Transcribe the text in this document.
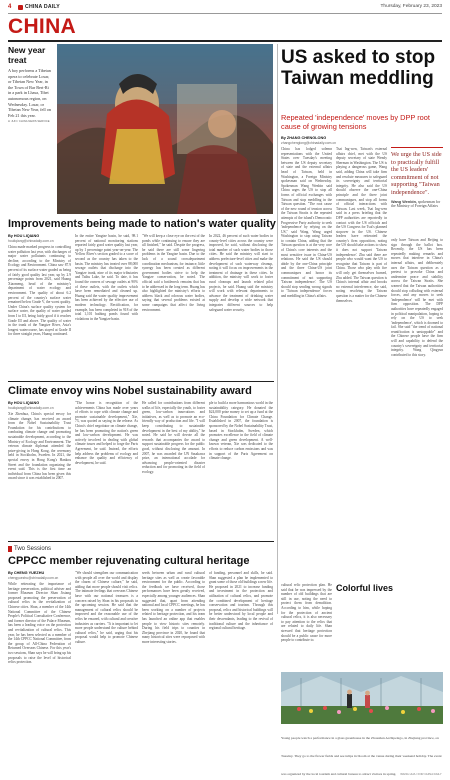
4	CHINA DAILY	Thursday, February 23, 2023
CHINA
New year treat
A boy performs a Tibetan opera to celebrate Losar, or Tibetan New Year, in the Town of Bar Beri-Ri in a park in Lhasa, Tibet autonomous region, on Wednesday. Losar, or Tibetan New Year, fell on Feb 21 this year.
LI JUN / CHINA NEWS SERVICE
US asked to stop Taiwan meddling
Repeated 'independence' moves by DPP root cause of growing tensions
By ZHANG CHENGLONG
zhangchenglong@chinadaily.com.cn
China has lodged solemn representations with the United States over Tuesday's meeting between the US deputy secretary of state and the external affairs head of Taiwan, held in Washington, a Foreign Ministry spokesman said on Wednesday. Spokesman Wang Wenbin said China urges the US to stop all forms of official exchanges with Taiwan and stop meddling in the Taiwan question. "The root cause of the new round of tension across the Taiwan Straits is the repeated attempts of the island's Democratic Progressive Party authority to seek 'independence' by relying on the US," said Wang. Wang urged Washington to stop using Taiwan to contain China, adding that the Taiwan question is at the very core of China's core interests and the most sensitive issue in China-US relations. He said the US should abide by the one-China principle and the three China-US joint communiques and honor its commitment of not supporting 'Taiwan independence'. The US should stop sending wrong signals to 'Taiwan independence' forces and meddling in China's affairs.
Tsai Ing-wen, Taiwan's external affairs chief, met with the US deputy secretary of state Wendy Sherman in Washington. The US is playing a dangerous game, Wang said, adding China will take firm and resolute measures to safeguard its sovereignty and territorial integrity. He also said the US should observe the one-China principle and the three joint communiques, and stop all forms of official interactions with Taiwan. Last week, Tsai Ing-wen said in a press briefing that the DPP authorities are reportedly in contact with the US officials and the US Congress for Tsai's planned stopover in the US. Chinese leaders have reiterated the country's firm opposition, noting the US should take actions to show it does not support 'Taiwan independence'. Zhu said there are people who would want the US to recognize that Taiwan is part of China. Those who play with fire will only get themselves burned, Zhu added. The Taiwan question is China's internal affair and brooks no external interference, she said, noting resolving the Taiwan question is a matter for the Chinese themselves.
We urge the US side to practically fulfill the US leaders' commitment of not supporting "Taiwan independence".
Wang Wenbin, spokesman for the Ministry of Foreign Affairs
only have Taiwan and Beijing to sign through the ballot box. Recently, the US has been repeatedly making remarks and moves that interfere in China's internal affairs, and deliberately uses the Taiwan question as a pretext to provoke China and undermine peace and stability across the Taiwan Straits. She warned that the Taiwan authorities should stop colluding with external forces, and any moves to seek 'independence' will be met with firm opposition. The DPP authorities have repeatedly engaged in political manipulation, hoping to rely on the US to seek 'independence', which is doomed to fail. She said "the trend of national reunification is unstoppable" and the Chinese people have the firm will and capability to defend the country's sovereignty and territorial integrity. Wang Qingyun contributed to this story.
Improvements being made to nation's water quality
By HOU LIQIANG
houliqiang@chinadaily.com.cn
China made marked progress in controlling water pollution last year, with discharges of major water pollutants continuing to decline, according to the Ministry of Ecology and Environment. China saw 87.9 percent of its surface water graded as being of fairly good quality last year, up by 2.9 percentage points from 2021, said Huang Xiaomeng, head of the ministry's department of water ecology and environment. The quality of about 6.2 percent of the country's surface water remained below Grade V, the worst quality. Under China's surface quality system for surface water, the quality of water graded from I to III, being fairly good if it reaches Grade III and above. The quality of water in the trunk of the Yangtze River, Asia's longest watercourse, has stayed at Grade II for three straight years, Huang continued.
In the entire Yangtze basin, he said, 98.1 percent of national monitoring stations reported fairly good water quality last year, up by 1 percentage point year-on-year. The Yellow River's section graded to a score of second as the country has taken to the basin. The ministry has treated over 88,000 sewage outlets that discharge into the Yangtze trunk, nine of its major tributaries and Taihu Lake, he said. To date, it has found the owners of sewage outlets at 90% of these outlets, with the outlets which have been remediated and cleaned up. Huang said the water quality improvement has been achieved by the effective use of modern technology. Rectification, for example, has been completed in 918 of the total 1,101 bathing ponds found with violations in the Yangtze basin.
"We will keep a close eye on the rest of the ponds while continuing to ensure they are all finished," he said. Despite the progress, he said there are still some lingering problems in the Yangtze basin. Due to the lack of a sound crossdepartment coordination mechanism, for instance, little synergy has been created as different government bodies strive to help the Yangtze conservation, he noted. The official said a bottleneck remains that has to be addressed in the long term. Huang has also highlighted the ministry's efforts to address black and odorous water bodies, saying that several problems existed at some campaigns that affect the living environment.
In 2022, 46 percent of such water bodies in county-level cities across the country were improved, he said, without disclosing the total number of such water bodies in those cities. He said the ministry will start to address prefecture-level cities and make the development of such waterway cleanup, noting it will focus on improvements in the treatment of drainage in these cities. In addition, the ministry will work to foster rural cleanups and launch related pilot projects, he said. Huang said the ministry will work with relevant departments to advance the treatment of drinking water supply and develop a wide network that integrates different sources to help safeguard water security.
Climate envoy wins Nobel sustainability award
By HOU LIQIANG
houliqiang@chinadaily.com.cn
Xie Zhenhua, China's special envoy for climate change, has received an award from the Nobel Sustainability Trust Foundation for his contributions to combating climate change and promoting sustainable development, according to the Ministry of Ecology and Environment. The veteran climate diplomat attended the prize-giving in Hong Kong, the ceremony held in Stockholm, Sweden. In 2021, the special envoy in Hong Kong's Hankou Street and the foundation organizing the event said. This is the first time an individual from China has been given this award since it was established in 2007.
"The honor is recognition of the achievements China has made over years of efforts to cope with climate change and promote sustainable development," Xie, 73, was quoted as saying in the release. As China's chief negotiator on climate change, he has been promoting the nation's green and low-carbon development. He was actively involved in dealing with global climate issues and helped to forge the Paris Agreement, he said. Instead, the efforts help address the problems of ecology and enhance the quality and efficiency of development, he said.
He called for contributions from different walks of life, especially the youth, to foster green, low-carbon innovations and initiatives, as well as to promote an eco-friendly way of production and life. "I will keep contributing to sustainable development in the best of my ability," he noted. He said he will devote all the rewards that accompanies the award to support sustainable progress for the public good, without disclosing the amount. In 2007, he was awarded the UN Sasakawa prize, an international accolade for advancing people-oriented disaster reduction and for promoting in the field of ecology.
ple to build a more harmonious world in the sustainability category. He donated the $24,000 prize money to set up a fund at the China Foundation for Climate Change. Established in 2007, the foundation is sponsored by the Nobel Sustainability Trust, based in Stockholm, Sweden, which promotes excellence in the field of climate change and green development. A well-known veteran, Xie was dedicated to the efforts to reduce carbon emissions and was in support of the Paris Agreement on climate change.
Two Sessions
CPPCC member rejuvenating cultural heritage
By CHENG YUEZHU
chengyuezhu@chinadaily.com.cn
While reiterating the importance of heritage preservation, political adviser and former Museum Director Shan Jixiang proposed promoting the preservation of cultural relics in the revitalization of Chinese cities. Shan, a member of the 14th National Committee of the Chinese People's Political Consultative Conference, and former director of the Palace Museum, has been a leading voice on the protection and revitalization of cultural relics. This year, he has been selected as a member of the 14th CPPCC National Committee, from the group of All-China Federation of Returned Overseas Chinese. For this year's two sessions, Shan says he will bring up his proposals to raise the level of historical relics protection.
"We should strengthen our communication with people all over the world and display the charm of Chinese culture," he said, adding that more people should visit relics. The intimate feelings that overseas Chinese have with our national treasures is a concern raised by Shan in his proposals in the upcoming session. He said that the management of cultural relics should be improved and the reasonable use of the relics be ensured, with cultural and creative industries as carriers. "It is important to let more people understand the culture behind cultural relics," he said, urging that his proposal would help to promote Chinese culture.
seeds between urban and rural cultural heritage sites as well as create favorable environment for the public. According to the feedback we have received, those performances have been greatly received, especially among younger audiences. Shan suggested that, apart from attending national and local CPPCC meetings, he has been working on a number of projects related to heritage protection, and his team has launched an online app that enables people to view historic sites remotely. During his field trips to counties in Zhejiang province in 2020, he found that many historical sites were repurposed with more interesting stories.
of funding, personnel and skills, he said. Shan suggested a plan be implemented to grant some of those old buildings a new life. He proposed in 2021 to increase funding and investment in the protection and utilization of cultural relics, and promote the combined development of heritage conservation and tourism. Through this proposal, relics and historical buildings will be better understood by local people and their descendants, leading to the revival of traditional culture and the inheritance of regional cultural heritage.
cultural relic protection plan. He said that he was impressed by the number of old buildings that are still in use, noting the need to protect them from demolition. According to him, while hoping for the protection of ancient cultural relics, it is also necessary to pay attention to the relics that are related to daily life. Shan stressed that heritage protection should be a public cause for more people to contribute to.
Colorful lives
Young people watch a performance in a glass greenhouse in the Zhoushan Archipelago, in Zhejiang province, on Tuesday. They go to the flower fields and see tulips in bloom at the venue during their weekend holiday. The event was organized by the local tourism and cultural bureau to attract visitors in spring. WANG HUA / FOR CHINA DAILY
